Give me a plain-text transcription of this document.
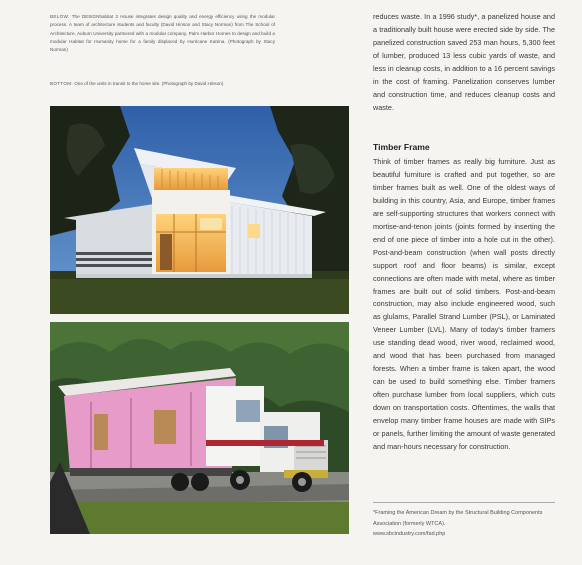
BELOW: The DESIGNhabitat 2 House integrates design quality and energy efficiency using the modular process. A team of architecture students and faculty (David Hinson and Stacy Norman) from The School of Architecture, Auburn University partnered with a modular company, Palm Harbor Homes to design and build a modular Habitat for Humanity home for a family displaced by Hurricane Katrina. (Photograph by Stacy Norman)
BOTTOM: One of the units in transit to the home site. (Photograph by David Hinson)
reduces waste. In a 1996 study*, a panelized house and a traditionally built house were erected side by side. The panelized construction saved 253 man hours, 5,300 feet of lumber, produced 13 less cubic yards of waste, and less in cleanup costs, in addition to a 16 percent savings in the cost of framing. Panelization conserves lumber and construction time, and reduces cleanup costs and waste.
Timber Frame
Think of timber frames as really big furniture. Just as beautiful furniture is crafted and put together, so are timber frames built as well. One of the oldest ways of building in this country, Asia, and Europe, timber frames are self-supporting structures that workers connect with mortise-and-tenon joints (joints formed by inserting the end of one piece of timber into a hole cut in the other). Post-and-beam construction (when wall posts directly support roof and floor beams) is similar, except connections are often made with metal, where as timber frames are built out of solid timbers. Post-and-beam construction, may also include engineered wood, such as glulams, Parallel Strand Lumber (PSL), or Laminated Veneer Lumber (LVL). Many of today's timber framers use standing dead wood, river wood, reclaimed wood, and wood that has been purchased from managed forests. When a timber frame is taken apart, the wood can be used to build something else. Timber framers often purchase lumber from local suppliers, which cuts down on transportation costs. Oftentimes, the walls that envelop many timber frame houses are made with SIPs or panels, further limiting the amount of waste generated and man-hours necessary for construction.
*Framing the American Dream by the Structural Building Components Association (formerly WTCA).
www.sbcindustry.com/fad.php
